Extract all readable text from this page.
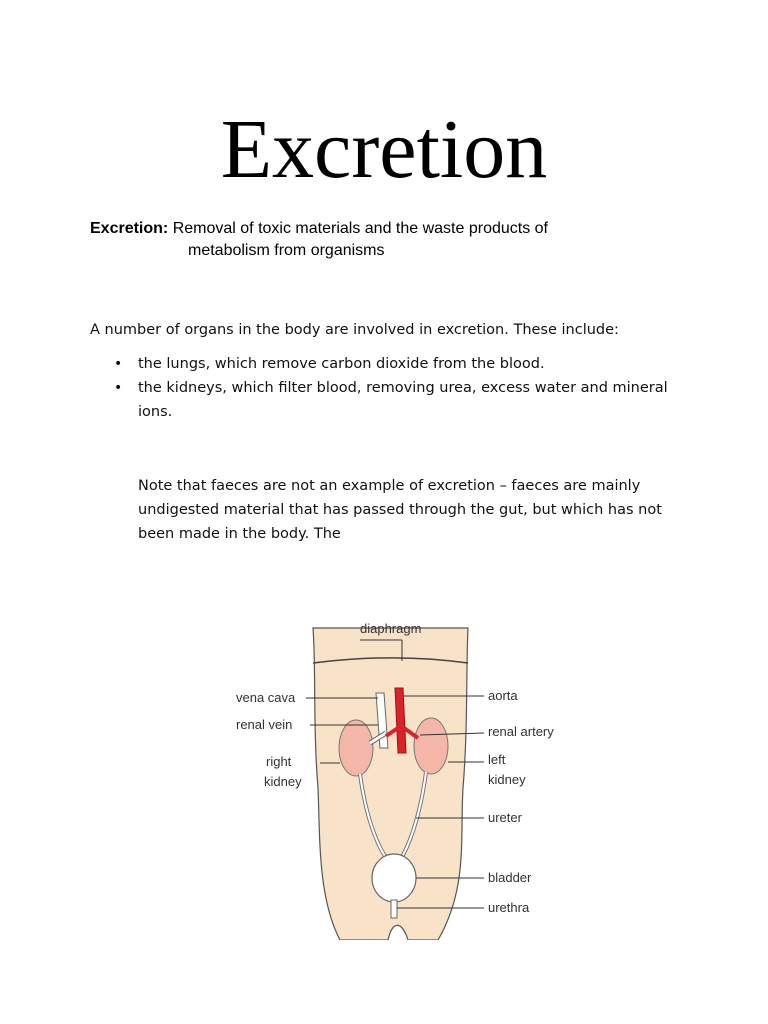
Excretion
Excretion: Removal of toxic materials and the waste products of
metabolism from organisms
A number of organs in the body are involved in excretion. These include:
• the lungs, which remove carbon dioxide from the blood.
• the kidneys, which filter blood, removing urea, excess water and mineral ions.
Note that faeces are not an example of excretion – faeces are mainly undigested material that has passed through the gut, but which has not been made in the body. The
diaphragm
vena cava
renal vein
right
kidney
aorta
renal artery
left
kidney
ureter
bladder
urethra
